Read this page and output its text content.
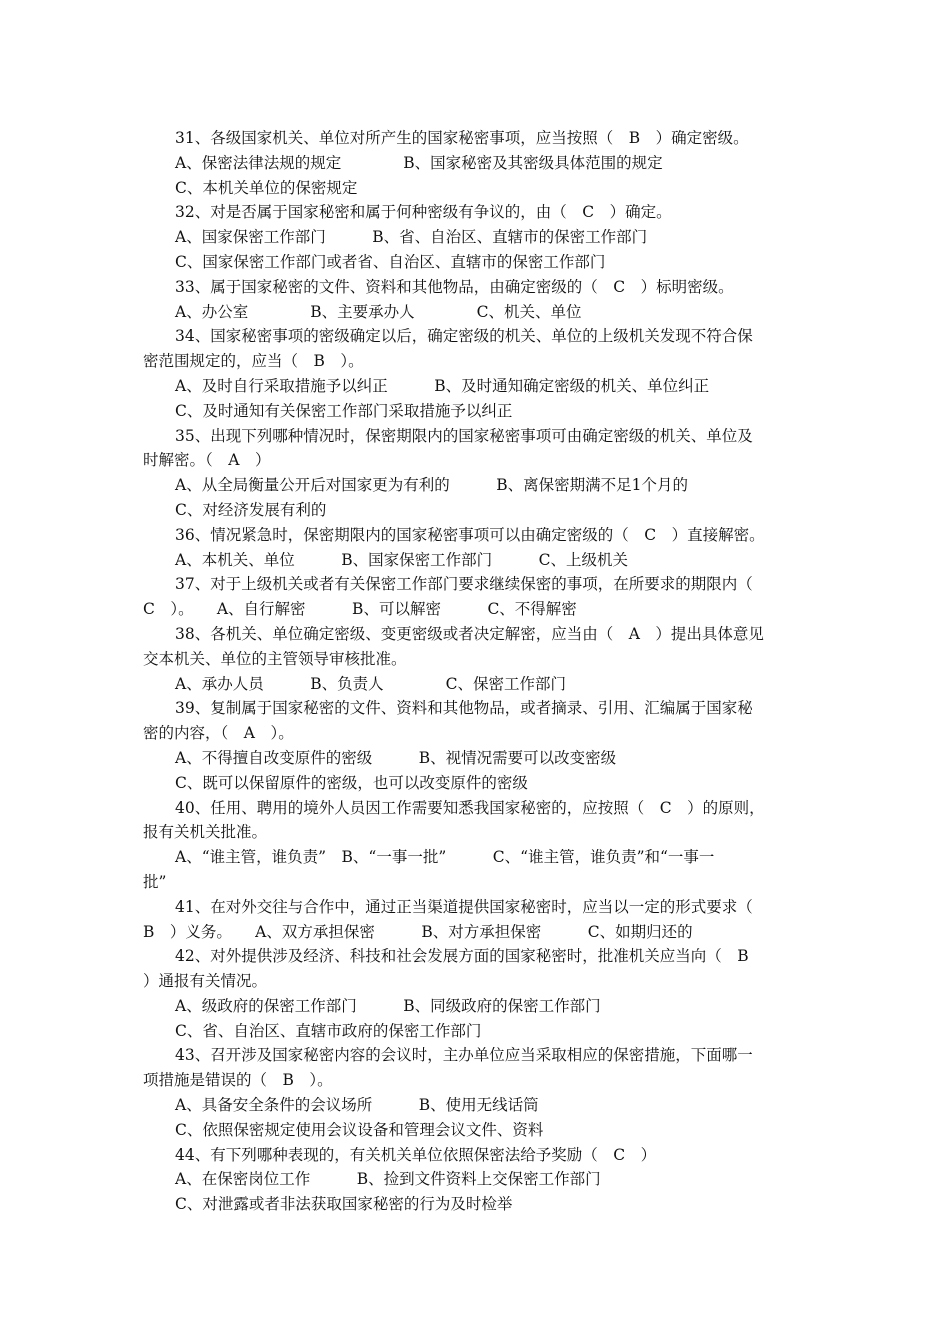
31、各级国家机关、单位对所产生的国家秘密事项，应当按照（　B　）确定密级。
A、保密法律法规的规定　　　　B、国家秘密及其密级具体范围的规定
C、本机关单位的保密规定
32、对是否属于国家秘密和属于何种密级有争议的，由（　C　）确定。
A、国家保密工作部门　　　B、省、自治区、直辖市的保密工作部门
C、国家保密工作部门或者省、自治区、直辖市的保密工作部门
33、属于国家秘密的文件、资料和其他物品，由确定密级的（　C　）标明密级。
A、办公室　　　　B、主要承办人　　　　C、机关、单位
34、国家秘密事项的密级确定以后，确定密级的机关、单位的上级机关发现不符合保
密范围规定的，应当（　B　）。
A、及时自行采取措施予以纠正　　　B、及时通知确定密级的机关、单位纠正
C、及时通知有关保密工作部门采取措施予以纠正
35、出现下列哪种情况时，保密期限内的国家秘密事项可由确定密级的机关、单位及
时解密。（　A　）
A、从全局衡量公开后对国家更为有利的　　　B、离保密期满不足1个月的
C、对经济发展有利的
36、情况紧急时，保密期限内的国家秘密事项可以由确定密级的（　C　）直接解密。
A、本机关、单位　　　B、国家保密工作部门　　　C、上级机关
37、对于上级机关或者有关保密工作部门要求继续保密的事项，在所要求的期限内（
C　）。　　A、自行解密　　　B、可以解密　　　C、不得解密
38、各机关、单位确定密级、变更密级或者决定解密，应当由（　A　）提出具体意见
交本机关、单位的主管领导审核批准。
A、承办人员　　　B、负责人　　　　C、保密工作部门
39、复制属于国家秘密的文件、资料和其他物品，或者摘录、引用、汇编属于国家秘
密的内容，（　A　）。
A、不得擅自改变原件的密级　　　B、视情况需要可以改变密级
C、既可以保留原件的密级，也可以改变原件的密级
40、任用、聘用的境外人员因工作需要知悉我国家秘密的，应按照（　C　）的原则，
报有关机关批准。
A、“谁主管，谁负责”　B、“一事一批”　　　C、“谁主管，谁负责”和“一事一
批”
41、在对外交往与合作中，通过正当渠道提供国家秘密时，应当以一定的形式要求（
B　）义务。　　A、双方承担保密　　　B、对方承担保密　　　C、如期归还的
42、对外提供涉及经济、科技和社会发展方面的国家秘密时，批准机关应当向（　B
）通报有关情况。
A、级政府的保密工作部门　　　B、同级政府的保密工作部门
C、省、自治区、直辖市政府的保密工作部门
43、召开涉及国家秘密内容的会议时，主办单位应当采取相应的保密措施，下面哪一
项措施是错误的（　B　）。
A、具备安全条件的会议场所　　　B、使用无线话筒
C、依照保密规定使用会议设备和管理会议文件、资料
44、有下列哪种表现的，有关机关单位依照保密法给予奖励（　C　）
A、在保密岗位工作　　　B、捡到文件资料上交保密工作部门
C、对泄露或者非法获取国家秘密的行为及时检举
